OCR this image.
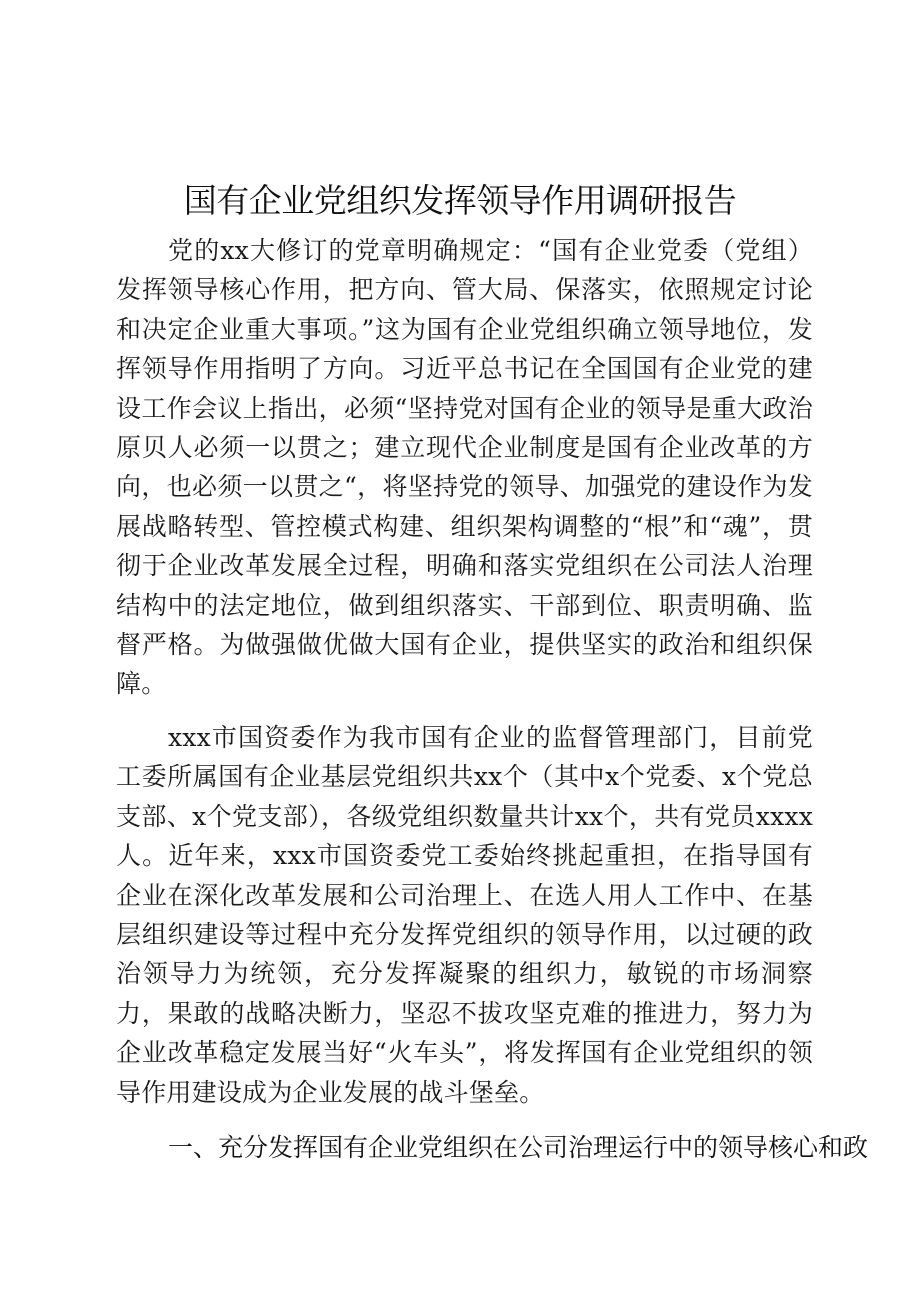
国有企业党组织发挥领导作用调研报告

党的xx大修订的党章明确规定：“国有企业党委（党组）发挥领导核心作用，把方向、管大局、保落实，依照规定讨论和决定企业重大事项。”这为国有企业党组织确立领导地位，发挥领导作用指明了方向。习近平总书记在全国国有企业党的建设工作会议上指出，必须“坚持党对国有企业的领导是重大政治原贝人必须一以贯之；建立现代企业制度是国有企业改革的方向，也必须一以贯之“，将坚持党的领导、加强党的建设作为发展战略转型、管控模式构建、组织架构调整的“根”和“魂”，贯彻于企业改革发展全过程，明确和落实党组织在公司法人治理结构中的法定地位，做到组织落实、干部到位、职责明确、监督严格。为做强做优做大国有企业，提供坚实的政治和组织保障。

xxx市国资委作为我市国有企业的监督管理部门，目前党工委所属国有企业基层党组织共xx个（其中x个党委、x个党总支部、x个党支部），各级党组织数量共计xx个，共有党员xxxx人。近年来，xxx市国资委党工委始终挑起重担，在指导国有企业在深化改革发展和公司治理上、在选人用人工作中、在基层组织建设等过程中充分发挥党组织的领导作用，以过硬的政治领导力为统领，充分发挥凝聚的组织力，敏锐的市场洞察力，果敢的战略决断力，坚忍不拔攻坚克难的推进力，努力为企业改革稳定发展当好“火车头”，将发挥国有企业党组织的领导作用建设成为企业发展的战斗堡垒。

一、充分发挥国有企业党组织在公司治理运行中的领导核心和政
